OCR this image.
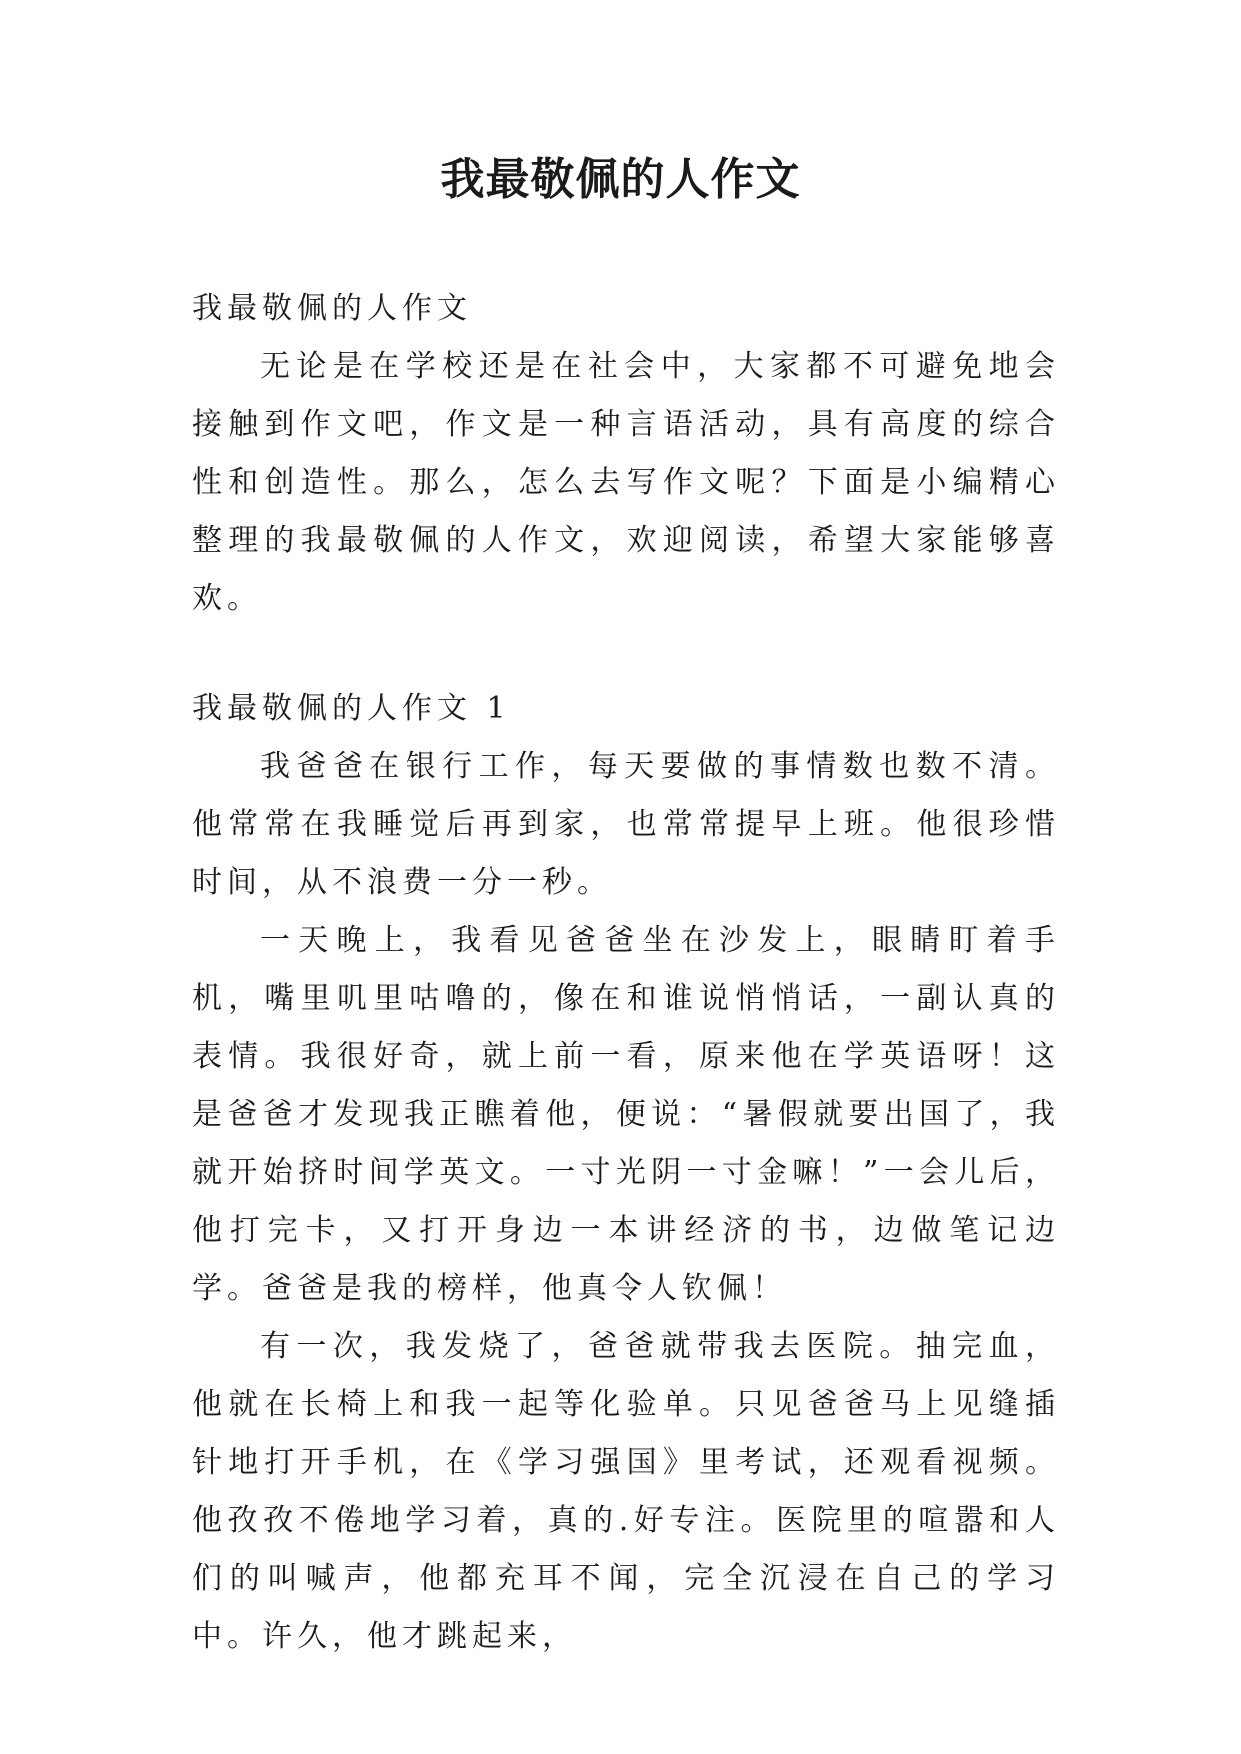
我最敬佩的人作文

我最敬佩的人作文

无论是在学校还是在社会中，大家都不可避免地会接触到作文吧，作文是一种言语活动，具有高度的综合性和创造性。那么，怎么去写作文呢？下面是小编精心整理的我最敬佩的人作文，欢迎阅读，希望大家能够喜欢。

我最敬佩的人作文 1

我爸爸在银行工作，每天要做的事情数也数不清。他常常在我睡觉后再到家，也常常提早上班。他很珍惜时间，从不浪费一分一秒。

一天晚上，我看见爸爸坐在沙发上，眼睛盯着手机，嘴里叽里咕噜的，像在和谁说悄悄话，一副认真的表情。我很好奇，就上前一看，原来他在学英语呀！这是爸爸才发现我正瞧着他，便说：“暑假就要出国了，我就开始挤时间学英文。一寸光阴一寸金嘛！”一会儿后，他打完卡，又打开身边一本讲经济的书，边做笔记边学。爸爸是我的榜样，他真令人钦佩！

有一次，我发烧了，爸爸就带我去医院。抽完血，他就在长椅上和我一起等化验单。只见爸爸马上见缝插针地打开手机，在《学习强国》里考试，还观看视频。他孜孜不倦地学习着，真的.好专注。医院里的喧嚣和人们的叫喊声，他都充耳不闻，完全沉浸在自己的学习中。许久，他才跳起来，
